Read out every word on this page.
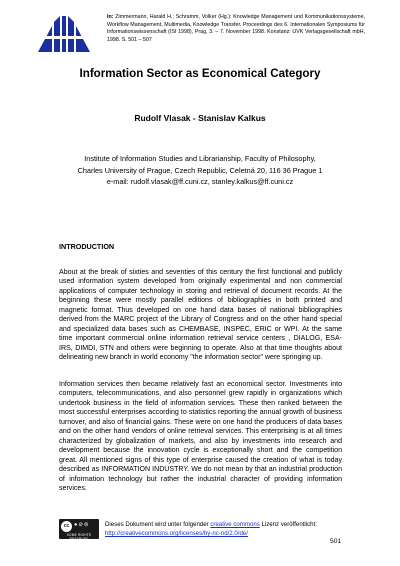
In: Zimmermann, Harald H.; Schramm, Volker (Hg.): Knowledge Management und Kommunikationssysteme, Workflow Management, Multimedia, Knowledge Transfer. Proceedings des 6. Internationalen Symposiums für Informationswissenschaft (ISI 1998), Prag, 3. – 7. November 1998. Konstanz: UVK Verlagsgesellschaft mbH, 1998. S. 501 – 507
Information Sector as Economical Category
Rudolf Vlasak - Stanislav Kalkus
Institute of Information Studies and Librarianship, Faculty of Philosophy,
Charles University of Prague, Czech Republic, Celetná 20, 116 36 Prague 1
e-mail: rudolf.vlasak@ff.cuni.cz, stanley.kalkus@ff.cuni.cz
INTRODUCTION
About at the break of sixties and seventies of this century the first functional and publicly used information system developed from originally experimental and non commercial applications of computer technology in storing and retrieval of document records. At the beginning these were mostly parallel editions of bibliographies in both printed and magnetic format. Thus developed on one hand data bases of national bibliographies derived from the MARC project of the Library of Congress and on the other hand special and specialized data bases such as CHEMBASE, INSPEC, ERIC or WPI. At the same time important commercial online information retrieval service centers , DIALOG, ESA-IRS, DIMDI, STN and others were beginning to operate. Also at that time thoughts about delineating new branch in world economy "the information sector" were springing up.
Information services then became relatively fast an economical sector. Investments into computers, telecommunications, and also personnel grew rapidly in organizations which undertook business in the field of information services. These then ranked between the most successful enterprises according to statistics reporting the annual growth of business turnover, and also of financial gains. These were on one hand the producers of data bases and on the other hand vendors of online retrieval services. This enterprising is at all times characterized by globalization of markets, and also by investments into research and development because the innovation cycle is exceptionally short and the competition great. All mentioned signs of this type of enterprise caused the creation of what is today described as INFORMATION INDUSTRY. We do not mean by that an industrial production of information technology but rather the industrial character of providing information services.
cc ●⊘⊜
SOME RIGHTS RESERVED
Dieses Dokument wird unter folgender creative commons Lizenz veröffentlicht:
http://creativecommons.org/licenses/by-nc-nd/2.0/de/
501
